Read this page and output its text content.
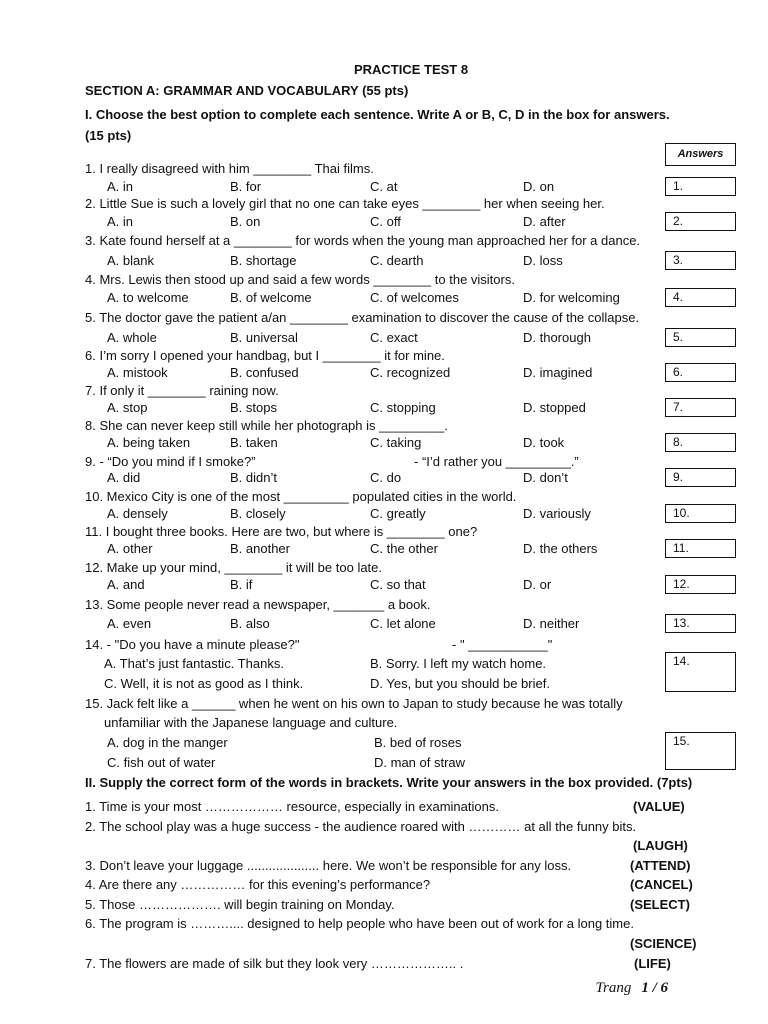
PRACTICE TEST 8
SECTION A: GRAMMAR AND VOCABULARY (55 pts)
I. Choose the best option to complete each sentence. Write A or B, C, D in the box for answers.
(15 pts)
Answers
1. I really disagreed with him ________ Thai films.
A. in	B. for	C. at	D. on	1.
2. Little Sue is such a lovely girl that no one can take eyes ________ her when seeing her.
A. in	B. on	C. off	D. after	2.
3. Kate found herself at a ________ for words when the young man approached her for a dance.
A. blank	B. shortage	C. dearth	D. loss	3.
4. Mrs. Lewis then stood up and said a few words ________ to the visitors.
A. to welcome	B. of welcome	C. of welcomes	D. for welcoming	4.
5. The doctor gave the patient a/an ________ examination to discover the cause of the collapse.
A. whole	B. universal	C. exact	D. thorough	5.
6. I’m sorry I opened your handbag, but I ________ it for mine.
A. mistook	B. confused	C. recognized	D. imagined	6.
7. If only it ________ raining now.
A. stop	B. stops	C. stopping	D. stopped	7.
8. She can never keep still while her photograph is _________.
A. being taken	B. taken	C. taking	D. took	8.
9. - “Do you mind if I smoke?”	- “I’d rather you _________.”
A. did	B. didn’t	C. do	D. don’t	9.
10. Mexico City is one of the most _________ populated cities in the world.
A. densely	B. closely	C. greatly	D. variously	10.
11. I bought three books. Here are two, but where is ________ one?
A. other	B. another	C. the other	D. the others	11.
12. Make up your mind, ________ it will be too late.
A. and	B. if	C. so that	D. or	12.
13. Some people never read a newspaper, _______ a book.
A. even	B. also	C. let alone	D. neither	13.
14. - "Do you have a minute please?"	- " ___________"
A. That’s just fantastic. Thanks.	B. Sorry. I left my watch home.
C. Well, it is not as good as I think.	D. Yes, but you should be brief.
14.
15. Jack felt like a ______ when he went on his own to Japan to study because he was totally
unfamiliar with the Japanese language and culture.
A. dog in the manger	B. bed of roses
C. fish out of water	D. man of straw
15.
II. Supply the correct form of the words in brackets. Write your answers in the box provided. (7pts)
1. Time is your most ……………… resource, especially in examinations.	(VALUE)
2. The school play was a huge success - the audience roared with ………… at all the funny bits.
(LAUGH)
3. Don’t leave your luggage .................... here. We won’t be responsible for any loss.	(ATTEND)
4. Are there any …………… for this evening’s performance?	(CANCEL)
5. Those ………………. will begin training on Monday.	(SELECT)
6. The program is ……….... designed to help people who have been out of work for a long time.
(SCIENCE)
7. The flowers are made of silk but they look very ……………….. .	(LIFE)
Trang 1 / 6
